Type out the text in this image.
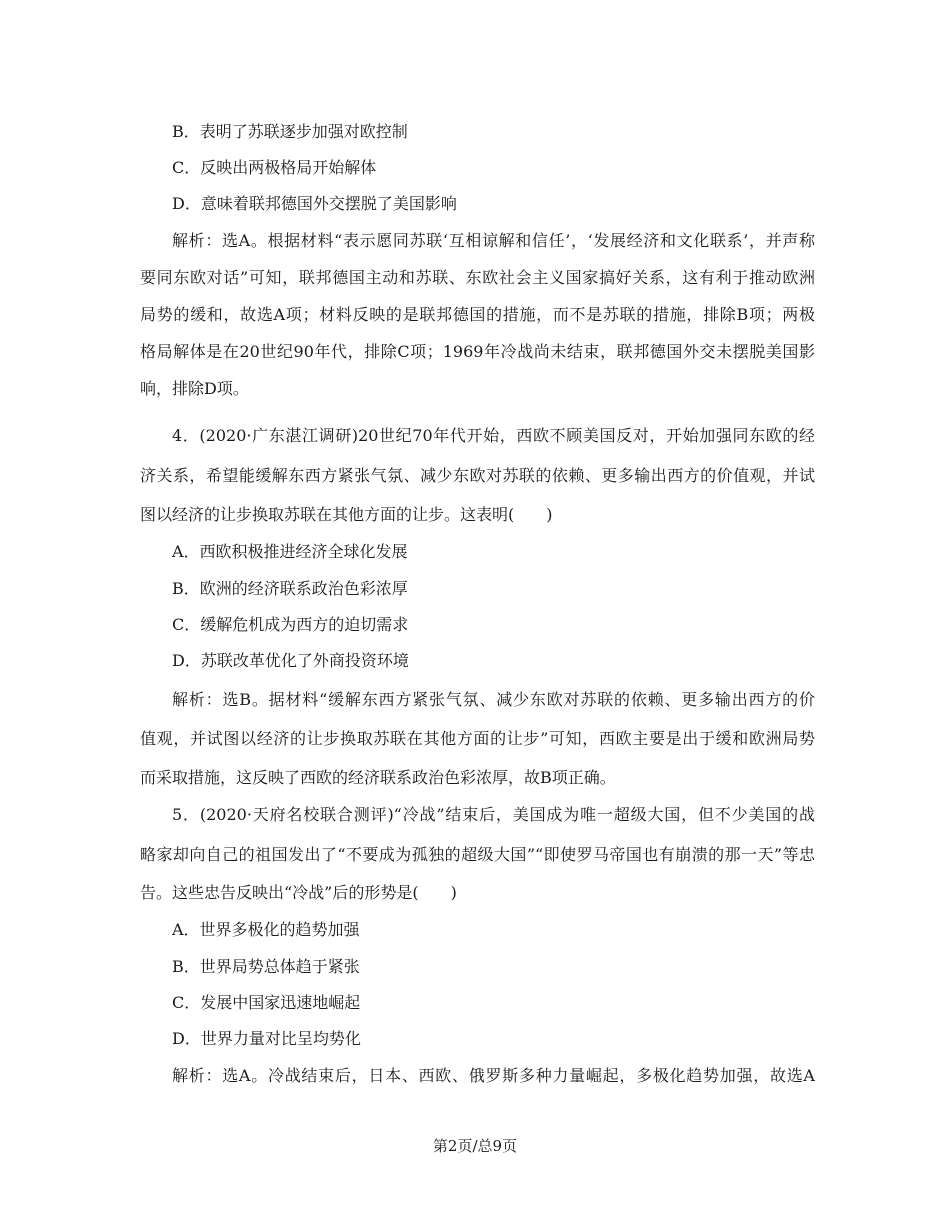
B．表明了苏联逐步加强对欧控制
C．反映出两极格局开始解体
D．意味着联邦德国外交摆脱了美国影响
解析：选A。根据材料“表示愿同苏联‘互相谅解和信任’，‘发展经济和文化联系’，并声称
要同东欧对话”可知，联邦德国主动和苏联、东欧社会主义国家搞好关系，这有利于推动欧洲
局势的缓和，故选A项；材料反映的是联邦德国的措施，而不是苏联的措施，排除B项；两极
格局解体是在20世纪90年代，排除C项；1969年冷战尚未结束，联邦德国外交未摆脱美国影
响，排除D项。
4．(2020·广东湛江调研)20世纪70年代开始，西欧不顾美国反对，开始加强同东欧的经
济关系，希望能缓解东西方紧张气氛、减少东欧对苏联的依赖、更多输出西方的价值观，并试
图以经济的让步换取苏联在其他方面的让步。这表明(　　)
A．西欧积极推进经济全球化发展
B．欧洲的经济联系政治色彩浓厚
C．缓解危机成为西方的迫切需求
D．苏联改革优化了外商投资环境
解析：选B。据材料“缓解东西方紧张气氛、减少东欧对苏联的依赖、更多输出西方的价
值观，并试图以经济的让步换取苏联在其他方面的让步”可知，西欧主要是出于缓和欧洲局势
而采取措施，这反映了西欧的经济联系政治色彩浓厚，故B项正确。
5．(2020·天府名校联合测评)“冷战”结束后，美国成为唯一超级大国，但不少美国的战
略家却向自己的祖国发出了“不要成为孤独的超级大国”“即使罗马帝国也有崩溃的那一天”等忠
告。这些忠告反映出“冷战”后的形势是(　　)
A．世界多极化的趋势加强
B．世界局势总体趋于紧张
C．发展中国家迅速地崛起
D．世界力量对比呈均势化
解析：选A。冷战结束后，日本、西欧、俄罗斯多种力量崛起，多极化趋势加强，故选A
第2页/总9页
